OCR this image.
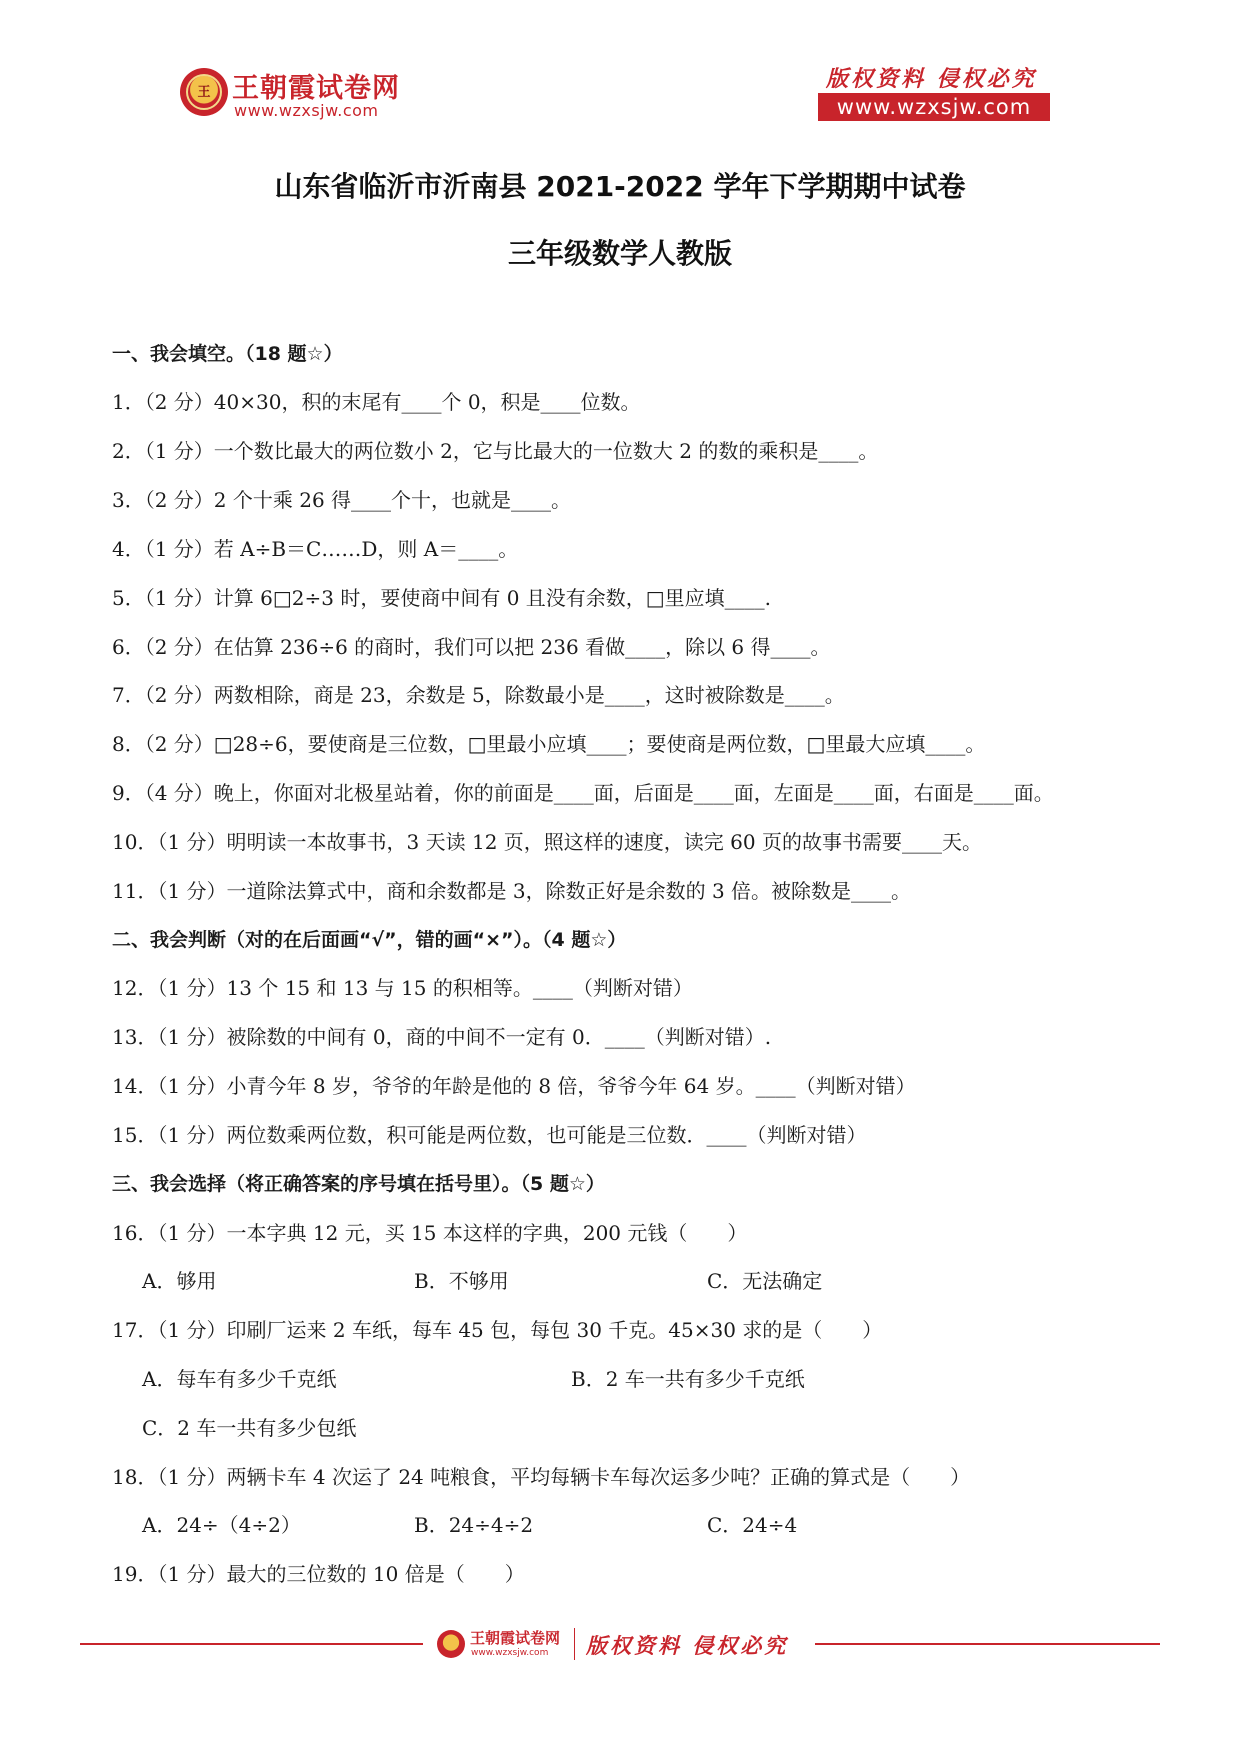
王 王朝霞试卷网
www.wzxsjw.com
版权资料 侵权必究
www.wzxsjw.com
山东省临沂市沂南县 2021-2022 学年下学期期中试卷
三年级数学人教版
一、我会填空。（18 题☆）
1．（2 分）40×30，积的末尾有____个 0，积是____位数。
2．（1 分）一个数比最大的两位数小 2，它与比最大的一位数大 2 的数的乘积是____。
3．（2 分）2 个十乘 26 得____个十，也就是____。
4．（1 分）若 A÷B＝C……D，则 A＝____。
5．（1 分）计算 6□2÷3 时，要使商中间有 0 且没有余数，□里应填____.
6．（2 分）在估算 236÷6 的商时，我们可以把 236 看做____，除以 6 得____。
7．（2 分）两数相除，商是 23，余数是 5，除数最小是____，这时被除数是____。
8．（2 分）□28÷6，要使商是三位数，□里最小应填____；要使商是两位数，□里最大应填____。
9．（4 分）晚上，你面对北极星站着，你的前面是____面，后面是____面，左面是____面，右面是____面。
10．（1 分）明明读一本故事书，3 天读 12 页，照这样的速度，读完 60 页的故事书需要____天。
11．（1 分）一道除法算式中，商和余数都是 3，除数正好是余数的 3 倍。被除数是____。
二、我会判断（对的在后面画“√”，错的画“×”）。（4 题☆）
12．（1 分）13 个 15 和 13 与 15 的积相等。____（判断对错）
13．（1 分）被除数的中间有 0，商的中间不一定有 0．____（判断对错）.
14．（1 分）小青今年 8 岁，爷爷的年龄是他的 8 倍，爷爷今年 64 岁。____（判断对错）
15．（1 分）两位数乘两位数，积可能是两位数，也可能是三位数．____（判断对错）
三、我会选择（将正确答案的序号填在括号里）。（5 题☆）
16．（1 分）一本字典 12 元，买 15 本这样的字典，200 元钱（　　）
A．够用	B．不够用	C．无法确定
17．（1 分）印刷厂运来 2 车纸，每车 45 包，每包 30 千克。45×30 求的是（　　）
A．每车有多少千克纸	B．2 车一共有多少千克纸
C．2 车一共有多少包纸
18．（1 分）两辆卡车 4 次运了 24 吨粮食，平均每辆卡车每次运多少吨？正确的算式是（　　）
A．24÷（4÷2）	B．24÷4÷2	C．24÷4
19．（1 分）最大的三位数的 10 倍是（　　）
王朝霞试卷网
www.wzxsjw.com 版权资料 侵权必究
